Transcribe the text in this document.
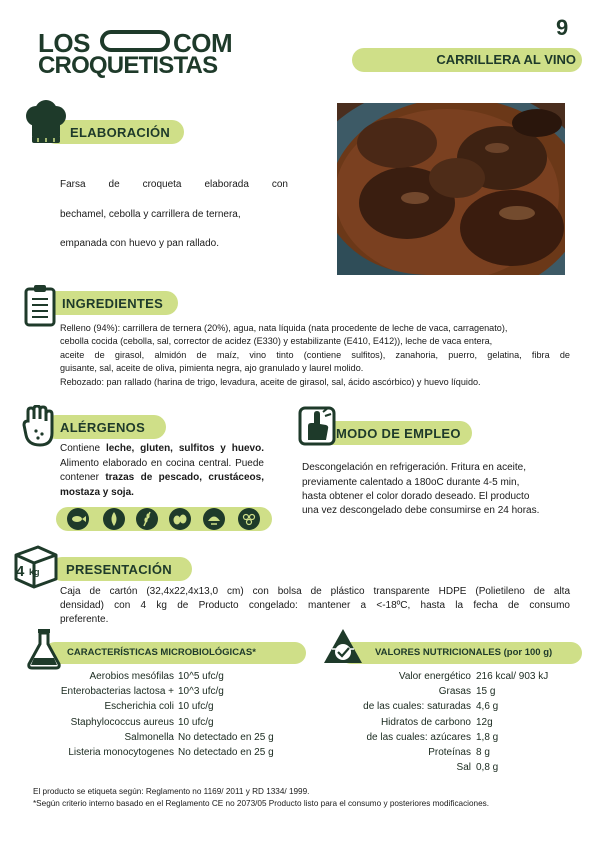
LOS	COM
CROQUETISTAS
9
CARRILLERA AL VINO
ELABORACIÓN
Farsa de croqueta elaborada con
bechamel, cebolla y carrillera de ternera,
empanada con huevo y pan rallado.
INGREDIENTES
Relleno (94%): carrillera de ternera (20%), agua, nata líquida (nata procedente de leche de vaca, carragenato),
cebolla cocida (cebolla, sal, corrector de acidez (E330) y estabilizante (E410, E412)), leche de vaca entera,
aceite de girasol, almidón de maíz, vino tinto (contiene sulfitos), zanahoria, puerro, gelatina, fibra de
guisante, sal, aceite de oliva, pimienta negra, ajo granulado y laurel molido.
Rebozado: pan rallado (harina de trigo, levadura, aceite de girasol, sal, ácido ascórbico) y huevo líquido.
ALÉRGENOS
Contiene leche, gluten, sulfitos y huevo. Alimento elaborado en cocina central. Puede contener trazas de pescado, crustáceos, mostaza y soja.
MODO DE EMPLEO
Descongelación en refrigeración. Fritura en aceite,
previamente calentado a 180oC durante 4-5 min,
hasta obtener el color dorado deseado. El producto
una vez descongelado debe consumirse en 24 horas.
4 kg PRESENTACIÓN
Caja de cartón (32,4x22,4x13,0 cm) con bolsa de plástico transparente HDPE (Polietileno de alta
densidad) con 4 kg de Producto congelado: mantener a <-18ºC, hasta la fecha de consumo
preferente.
CARACTERÍSTICAS MICROBIOLÓGICAS*
Aerobios mesófilas 10^5 ufc/g
Enterobacterias lactosa + 10^3 ufc/g
Escherichia coli 10 ufc/g
Staphylococcus aureus 10 ufc/g
Salmonella No detectado en 25 g
Listeria monocytogenes No detectado en 25 g
VALORES NUTRICIONALES (por 100 g)
Valor energético 216 kcal/ 903 kJ
Grasas 15 g
de las cuales: saturadas 4,6 g
Hidratos de carbono 12g
de las cuales: azúcares 1,8 g
Proteínas 8 g
Sal 0,8 g
El producto se etiqueta según: Reglamento no 1169/ 2011 y RD 1334/ 1999.
*Según criterio interno basado en el Reglamento CE no 2073/05 Producto listo para el consumo y posteriores modificaciones.
